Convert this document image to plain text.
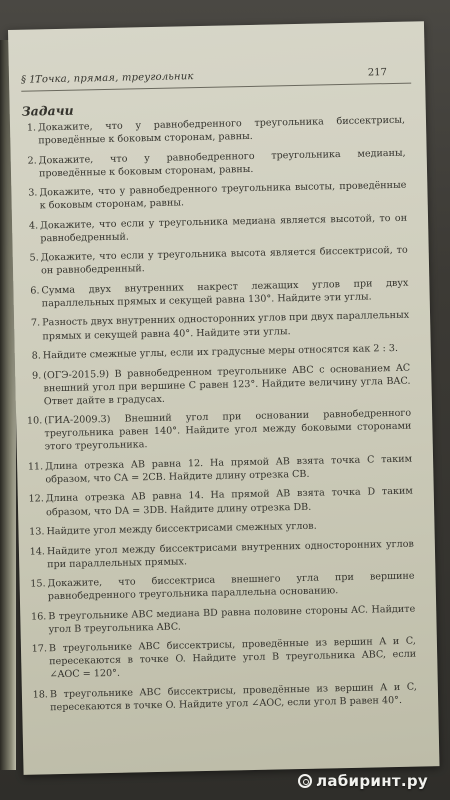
§ 1.
Точка, прямая, треугольник	217
Задачи
1. Докажите, что у равнобедренного треугольника биссектрисы, проведённые к боковым сторонам, равны.
2. Докажите, что у равнобедренного треугольника медианы, проведённые к боковым сторонам, равны.
3. Докажите, что у равнобедренного треугольника высоты, проведённые к боковым сторонам, равны.
4. Докажите, что если у треугольника медиана является высотой, то он равнобедренный.
5. Докажите, что если у треугольника высота является биссектрисой, то он равнобедренный.
6. Сумма двух внутренних накрест лежащих углов при двух параллельных прямых и секущей равна 130°. Найдите эти углы.
7. Разность двух внутренних односторонних углов при двух параллельных прямых и секущей равна 40°. Найдите эти углы.
8. Найдите смежные углы, если их градусные меры относятся как 2 : 3.
9. (ОГЭ-2015.9) В равнобедренном треугольнике ABC с основанием AC внешний угол при вершине C равен 123°. Найдите величину угла BAC. Ответ дайте в градусах.
10. (ГИА-2009.3) Внешний угол при основании равнобедренного треугольника равен 140°. Найдите угол между боковыми сторонами этого треугольника.
11. Длина отрезка AB равна 12. На прямой AB взята точка C таким образом, что CA = 2CB. Найдите длину отрезка CB.
12. Длина отрезка AB равна 14. На прямой AB взята точка D таким образом, что DA = 3DB. Найдите длину отрезка DB.
13. Найдите угол между биссектрисами смежных углов.
14. Найдите угол между биссектрисами внутренних односторонних углов при параллельных прямых.
15. Докажите, что биссектриса внешнего угла при вершине равнобедренного треугольника параллельна основанию.
16. В треугольнике ABC медиана BD равна половине стороны AC. Найдите угол B треугольника ABC.
17. В треугольнике ABC биссектрисы, проведённые из вершин A и C, пересекаются в точке O. Найдите угол B треугольника ABC, если ∠AOC = 120°.
18. В треугольнике ABC биссектрисы, проведённые из вершин A и C, пересекаются в точке O. Найдите угол ∠AOC, если угол B равен 40°.
лабиринт.ру
